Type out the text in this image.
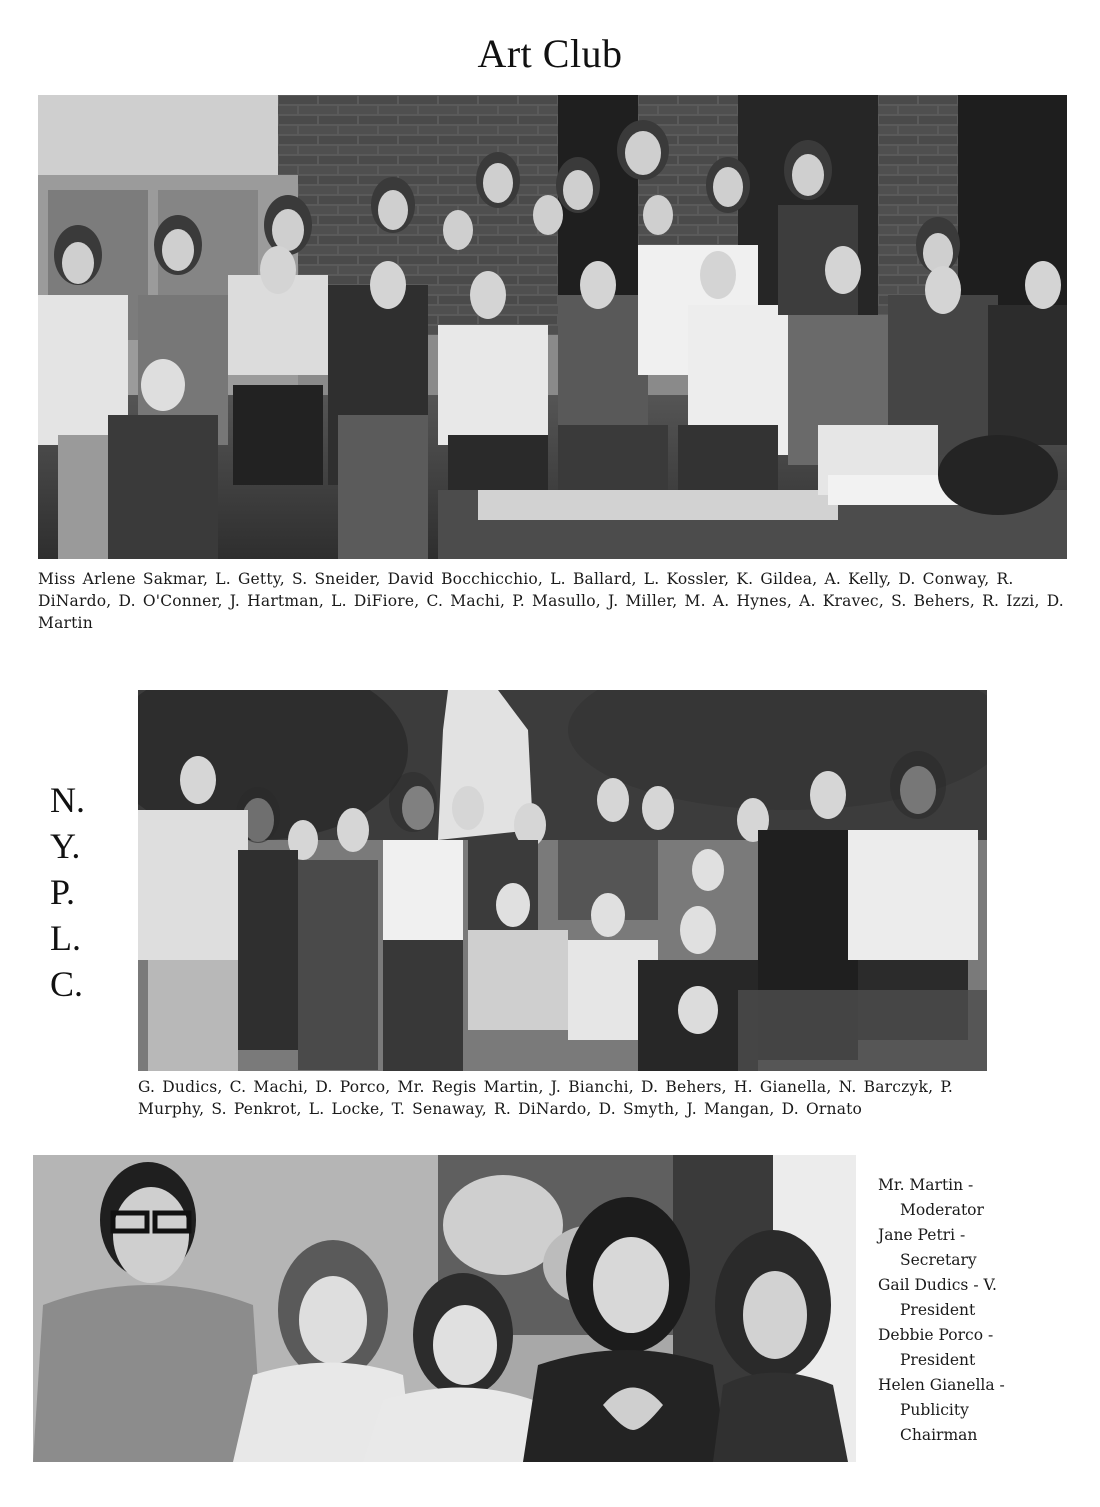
Art Club
Miss Arlene Sakmar, L. Getty, S. Sneider, David Bocchicchio, L. Ballard, L. Kossler, K. Gildea, A. Kelly, D. Conway, R. DiNardo, D. O'Conner, J. Hartman, L. DiFiore, C. Machi, P. Masullo, J. Miller, M. A. Hynes, A. Kravec, S. Behers, R. Izzi, D. Martin
N.
Y.
P.
L.
C.
G. Dudics, C. Machi, D. Porco, Mr. Regis Martin, J. Bianchi, D. Behers, H. Gianella, N. Barczyk, P. Murphy, S. Penkrot, L. Locke, T. Senaway, R. DiNardo, D. Smyth, J. Mangan, D. Ornato
Mr. Martin -
Moderator
Jane Petri -
Secretary
Gail Dudics - V.
President
Debbie Porco -
President
Helen Gianella -
Publicity
Chairman
